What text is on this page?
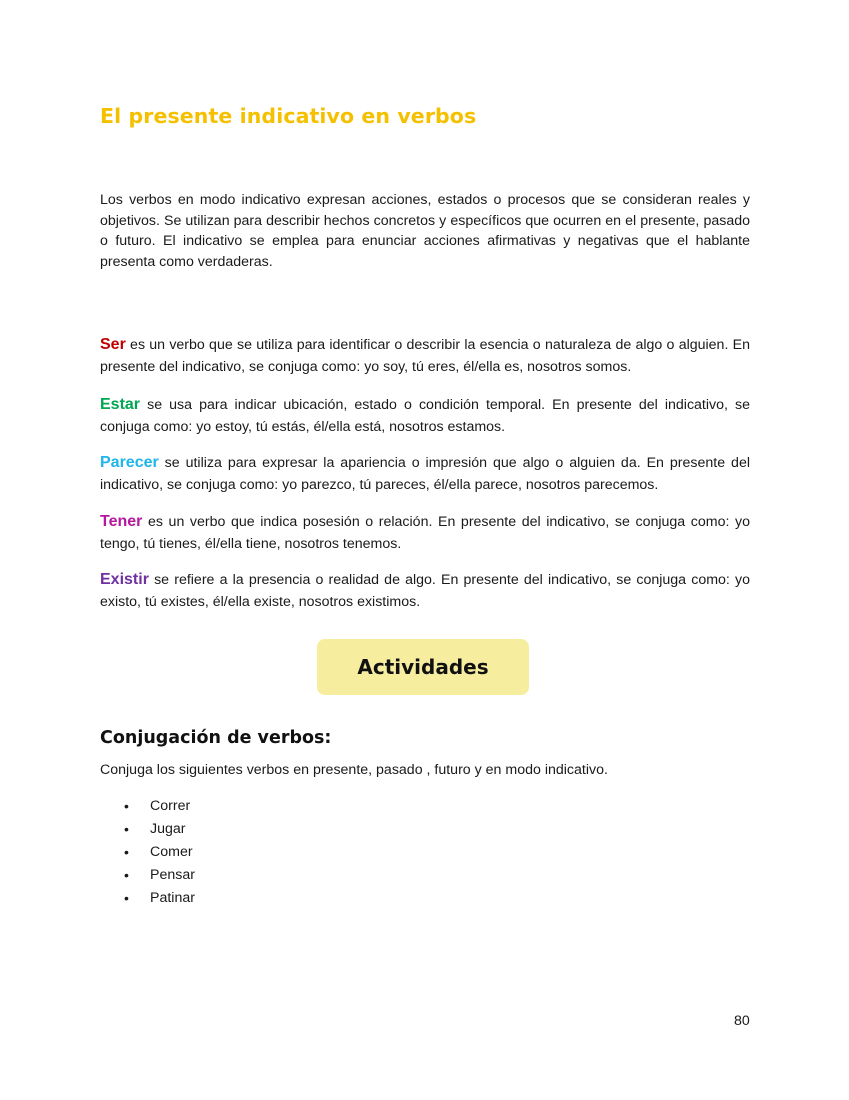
El presente indicativo en verbos

Los verbos en modo indicativo expresan acciones, estados o procesos que se consideran reales y objetivos. Se utilizan para describir hechos concretos y específicos que ocurren en el presente, pasado o futuro. El indicativo se emplea para enunciar acciones afirmativas y negativas que el hablante presenta como verdaderas.

Ser es un verbo que se utiliza para identificar o describir la esencia o naturaleza de algo o alguien. En presente del indicativo, se conjuga como: yo soy, tú eres, él/ella es, nosotros somos.

Estar se usa para indicar ubicación, estado o condición temporal. En presente del indicativo, se conjuga como: yo estoy, tú estás, él/ella está, nosotros estamos.

Parecer se utiliza para expresar la apariencia o impresión que algo o alguien da. En presente del indicativo, se conjuga como: yo parezco, tú pareces, él/ella parece, nosotros parecemos.

Tener es un verbo que indica posesión o relación. En presente del indicativo, se conjuga como: yo tengo, tú tienes, él/ella tiene, nosotros tenemos.

Existir se refiere a la presencia o realidad de algo. En presente del indicativo, se conjuga como: yo existo, tú existes, él/ella existe, nosotros existimos.

Actividades
Conjugación de verbos:

Conjuga los siguientes verbos en presente, pasado , futuro y en modo indicativo.

• Correr
• Jugar
• Comer
• Pensar
• Patinar
80
